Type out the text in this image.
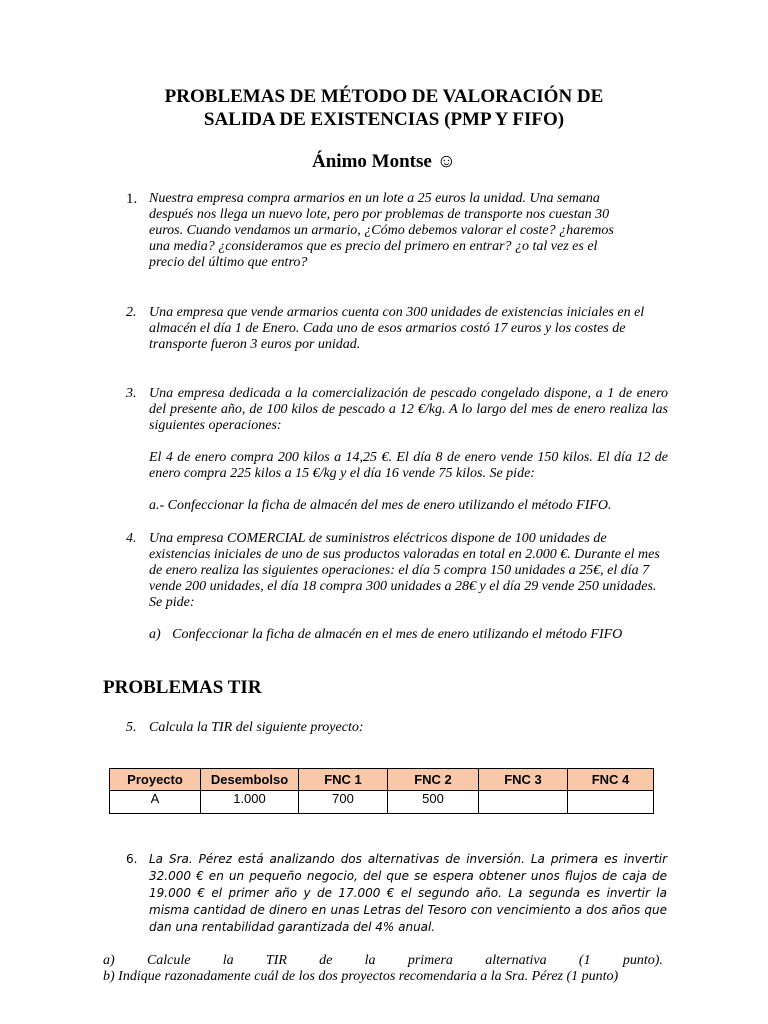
PROBLEMAS DE MÉTODO DE VALORACIÓN DE
SALIDA DE EXISTENCIAS (PMP Y FIFO)
Ánimo Montse ☺
1. Nuestra empresa compra armarios en un lote a 25 euros la unidad. Una semana
después nos llega un nuevo lote, pero por problemas de transporte nos cuestan 30
euros. Cuando vendamos un armario, ¿Cómo debemos valorar el coste? ¿haremos
una media? ¿consideramos que es precio del primero en entrar? ¿o tal vez es el
precio del último que entro?
2. Una empresa que vende armarios cuenta con 300 unidades de existencias iniciales en el almacén el día 1 de Enero. Cada uno de esos armarios costó 17 euros y los costes de transporte fueron 3 euros por unidad.
3. Una empresa dedicada a la comercialización de pescado congelado dispone, a 1 de enero del presente año, de 100 kilos de pescado a 12 €/kg. A lo largo del mes de enero realiza las siguientes operaciones:
El 4 de enero compra 200 kilos a 14,25 €. El día 8 de enero vende 150 kilos. El día 12 de enero compra 225 kilos a 15 €/kg y el día 16 vende 75 kilos. Se pide:
a.- Confeccionar la ficha de almacén del mes de enero utilizando el método FIFO.
4. Una empresa COMERCIAL de suministros eléctricos dispone de 100 unidades de existencias iniciales de uno de sus productos valoradas en total en 2.000 €. Durante el mes de enero realiza las siguientes operaciones: el día 5 compra 150 unidades a 25€, el día 7 vende 200 unidades, el día 18 compra 300 unidades a 28€ y el día 29 vende 250 unidades. Se pide:
a) Confeccionar la ficha de almacén en el mes de enero utilizando el método FIFO
PROBLEMAS TIR
5. Calcula la TIR del siguiente proyecto:
Proyecto	Desembolso	FNC 1	FNC 2	FNC 3	FNC 4
A	1.000	700	500		
6. La Sra. Pérez está analizando dos alternativas de inversión. La primera es invertir 32.000 € en un pequeño negocio, del que se espera obtener unos flujos de caja de 19.000 € el primer año y de 17.000 € el segundo año. La segunda es invertir la misma cantidad de dinero en unas Letras del Tesoro con vencimiento a dos años que dan una rentabilidad garantizada del 4% anual.
a) Calcule la TIR de la primera alternativa (1 punto).
b) Indique razonadamente cuál de los dos proyectos recomendaria a la Sra. Pérez (1 punto)
